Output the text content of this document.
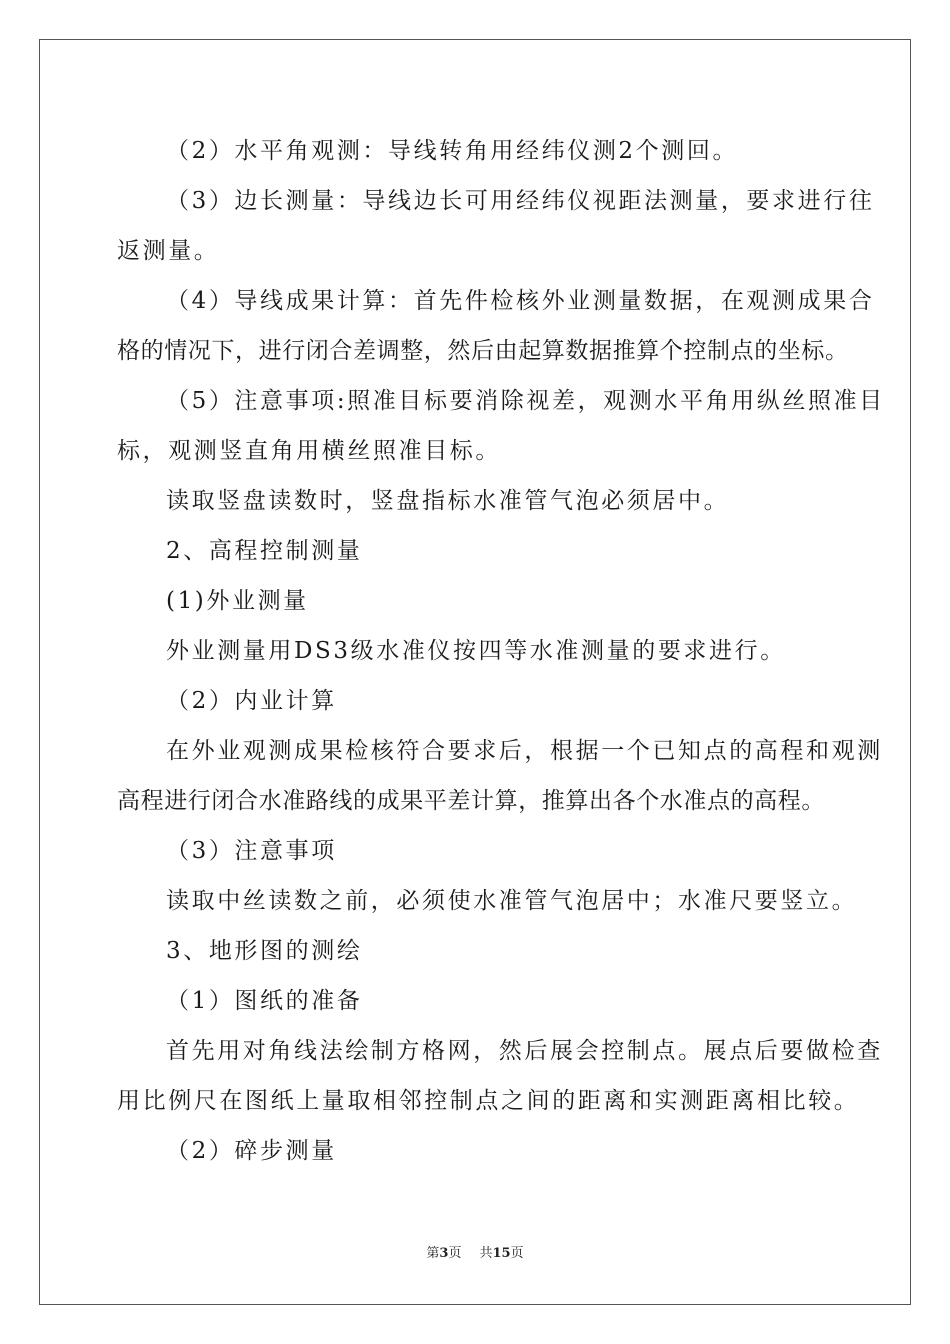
（2）水平角观测：导线转角用经纬仪测2个测回。
（3）边长测量：导线边长可用经纬仪视距法测量，要求进行往
返测量。
（4）导线成果计算：首先件检核外业测量数据，在观测成果合
格的情况下，进行闭合差调整，然后由起算数据推算个控制点的坐标。
（5）注意事项:照准目标要消除视差，观测水平角用纵丝照准目
标，观测竖直角用横丝照准目标。
读取竖盘读数时，竖盘指标水准管气泡必须居中。
2、高程控制测量
(1)外业测量
外业测量用DS3级水准仪按四等水准测量的要求进行。
（2）内业计算
在外业观测成果检核符合要求后，根据一个已知点的高程和观测
高程进行闭合水准路线的成果平差计算，推算出各个水准点的高程。
（3）注意事项
读取中丝读数之前，必须使水准管气泡居中；水准尺要竖立。
3、地形图的测绘
（1）图纸的准备
首先用对角线法绘制方格网，然后展会控制点。展点后要做检查
用比例尺在图纸上量取相邻控制点之间的距离和实测距离相比较。
（2）碎步测量
第3页 共15页
